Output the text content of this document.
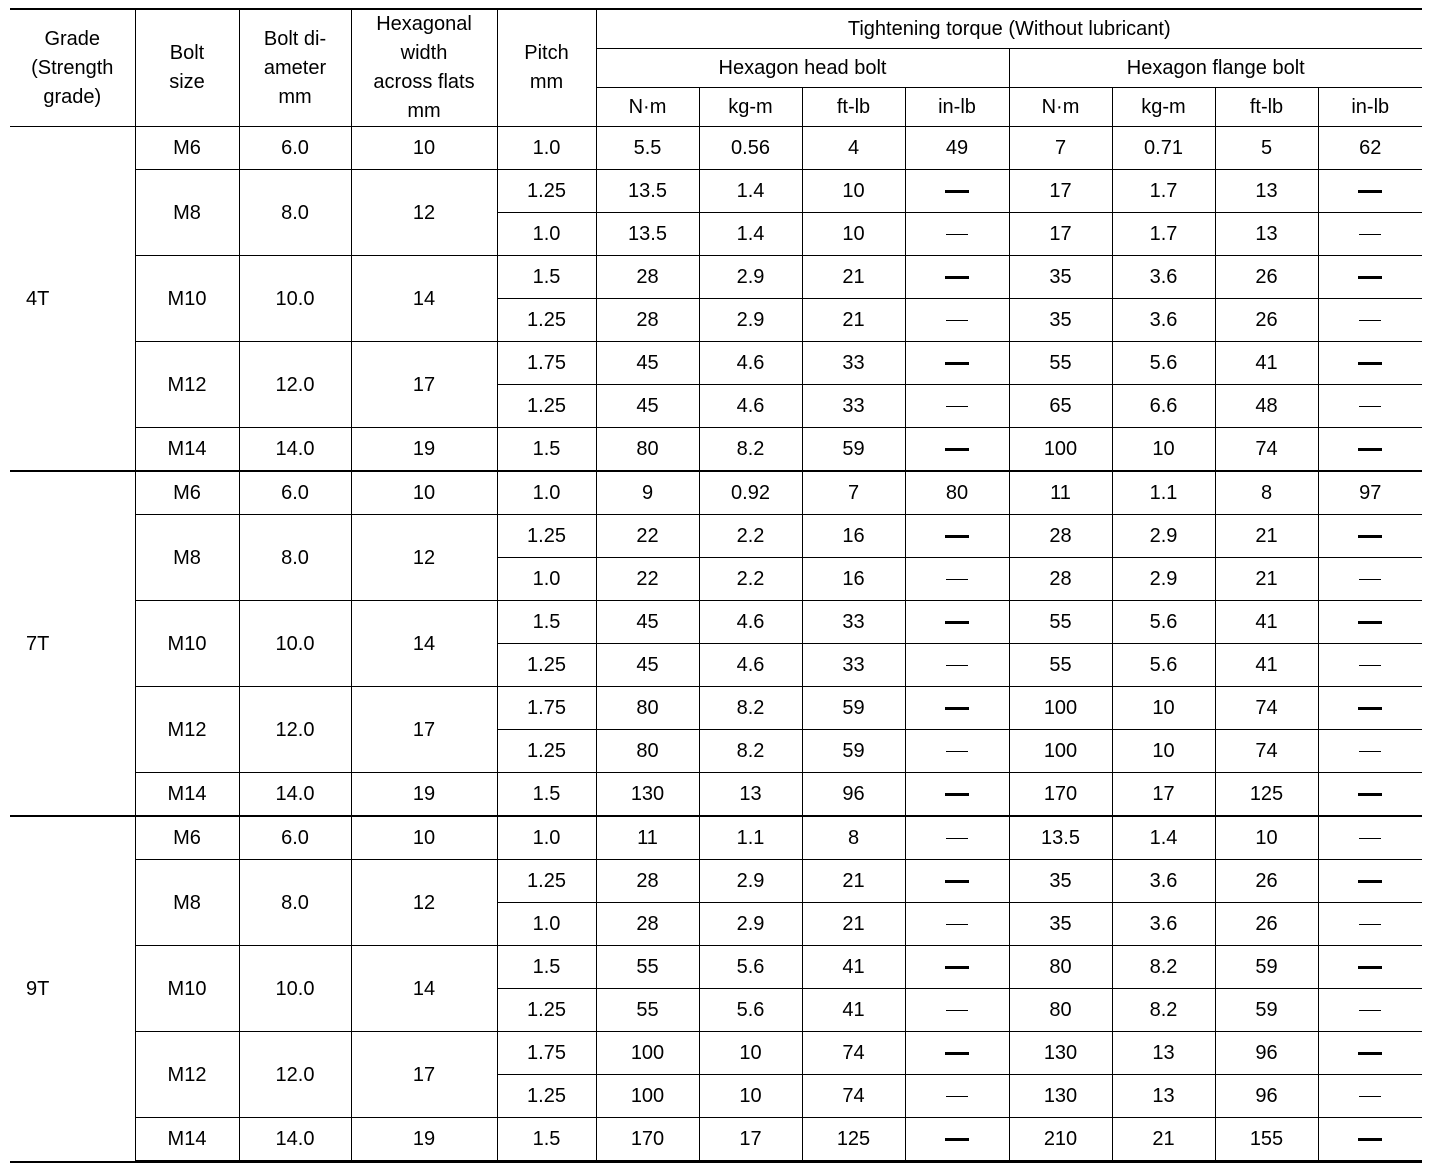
Grade
(Strength
grade)	Bolt
size	Bolt di-
ameter
mm	Hexagonal
width
across flats
mm	Pitch
mm	Tightening torque (Without lubricant)							
					Hexagon head bolt				Hexagon flange bolt			
					N·m	kg-m	ft-lb	in-lb	N·m	kg-m	ft-lb	in-lb
4T	M6	6.0	10	1.0	5.5	0.56	4	49	7	0.71	5	62
	M8	8.0	12	1.25	13.5	1.4	10		17	1.7	13	
				1.0	13.5	1.4	10		17	1.7	13	
	M10	10.0	14	1.5	28	2.9	21		35	3.6	26	
				1.25	28	2.9	21		35	3.6	26	
	M12	12.0	17	1.75	45	4.6	33		55	5.6	41	
				1.25	45	4.6	33		65	6.6	48	
	M14	14.0	19	1.5	80	8.2	59		100	10	74	
7T	M6	6.0	10	1.0	9	0.92	7	80	11	1.1	8	97
	M8	8.0	12	1.25	22	2.2	16		28	2.9	21	
				1.0	22	2.2	16		28	2.9	21	
	M10	10.0	14	1.5	45	4.6	33		55	5.6	41	
				1.25	45	4.6	33		55	5.6	41	
	M12	12.0	17	1.75	80	8.2	59		100	10	74	
				1.25	80	8.2	59		100	10	74	
	M14	14.0	19	1.5	130	13	96		170	17	125	
9T	M6	6.0	10	1.0	11	1.1	8		13.5	1.4	10	
	M8	8.0	12	1.25	28	2.9	21		35	3.6	26	
				1.0	28	2.9	21		35	3.6	26	
	M10	10.0	14	1.5	55	5.6	41		80	8.2	59	
				1.25	55	5.6	41		80	8.2	59	
	M12	12.0	17	1.75	100	10	74		130	13	96	
				1.25	100	10	74		130	13	96	
	M14	14.0	19	1.5	170	17	125		210	21	155	
